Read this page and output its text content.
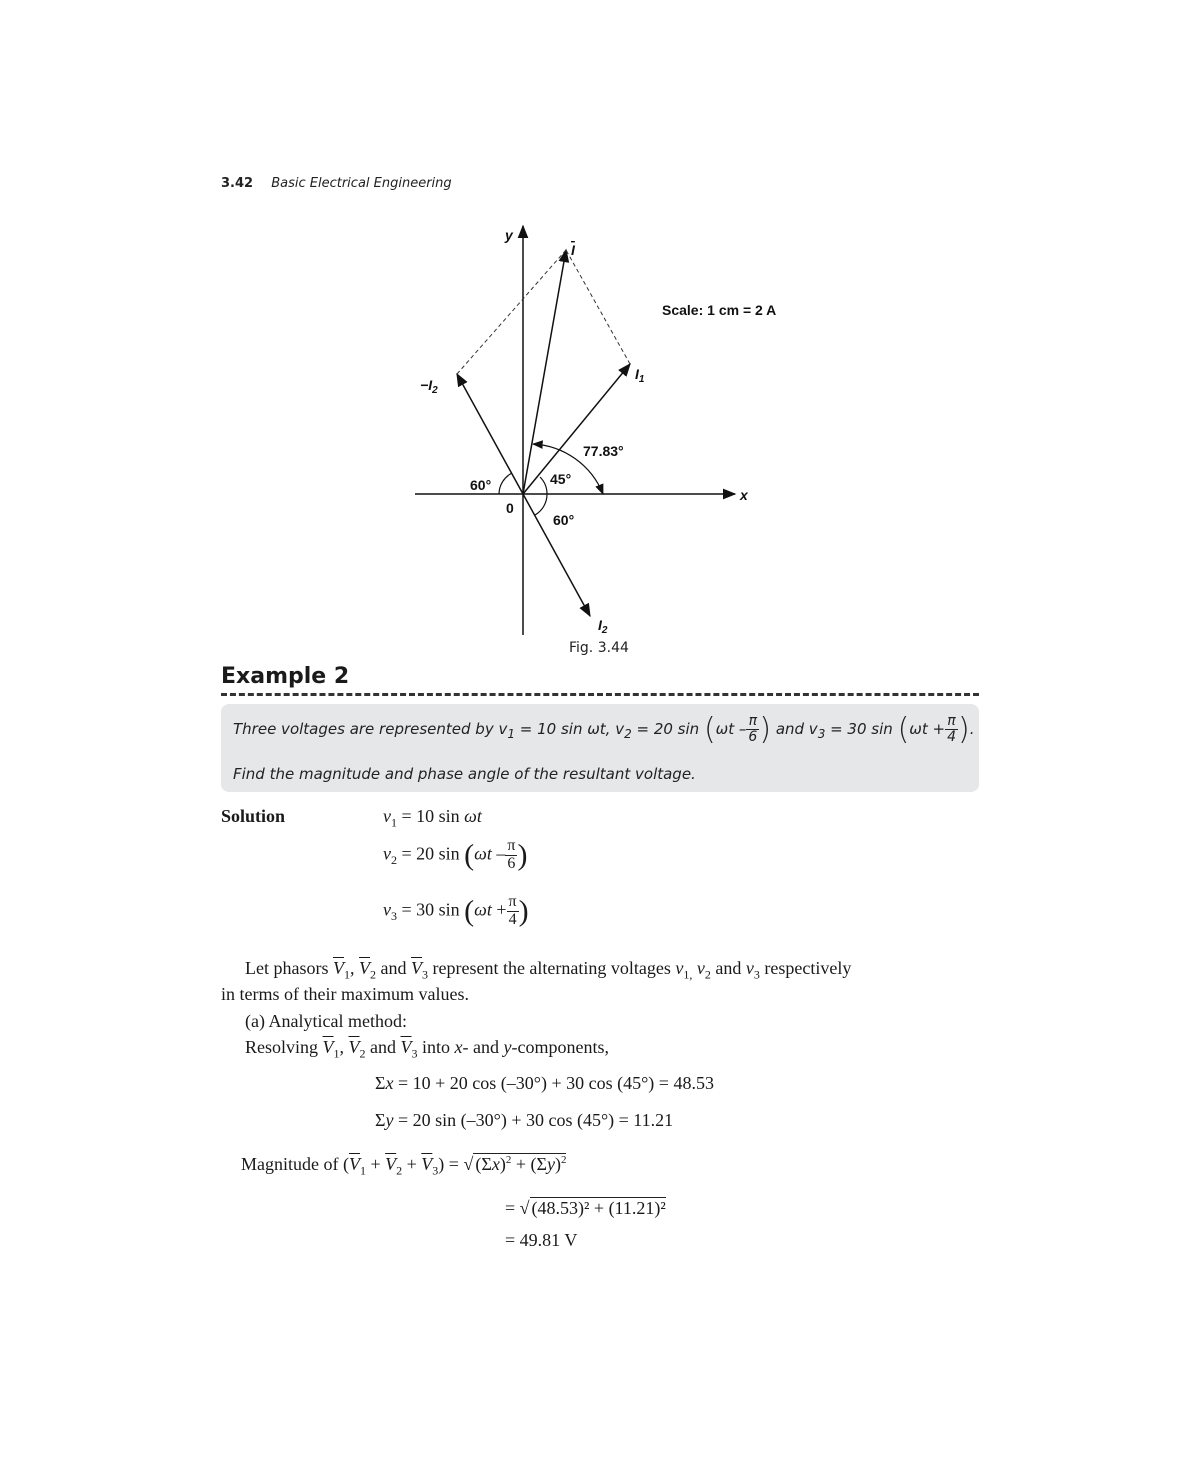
3.42 Basic Electrical Engineering
y
x
0
Scale: 1 cm = 2 A
I
$I_1$
$-I_2$
$I_2$
77.83°
45°
60°
60°
Fig. 3.44
Example 2
Three voltages are represented by $v_1 = 10$ sin ωt, $v_2 = 20$ $\sin (\omega t - \frac{\pi}{6}$ ) and $v_3 = 30$ $\sin (\omega t + \frac{\pi}{4}$ ).
Find the magnitude and phase angle of the resultant voltage.
Solution	$v_1 = 10$ sin ωt
$v_2 = 20$ $\sin (\omega t - \frac{\pi}{6}$ )
$v_3 = 30$ $\sin (\omega t + \frac{\pi}{4}$ )
Let phasors $\overline{V}_1$, $\overline{V}_2$ and $\overline{V}_3$ represent the alternating voltages $v_{1,}$ $v_2$ and $v_3$ respectively
in terms of their maximum values.
(a) Analytical method:
Resolving $\overline{V}_1$, $\overline{V}_2$ and $\overline{V}_3$ into x- and y-components,
Σx = 10 + 20 cos (–30°) + 30 cos (45°) = 48.53
Σy = 20 sin (–30°) + 30 cos (45°) = 11.21
Magnitude of $(\overline{V}_1 + \overline{V}_2 + \overline{V}_3)$ = √ $(\Sigma x)^2 + (\Sigma y)^2$
= √ (48.53)² + (11.21)²
= 49.81 V
